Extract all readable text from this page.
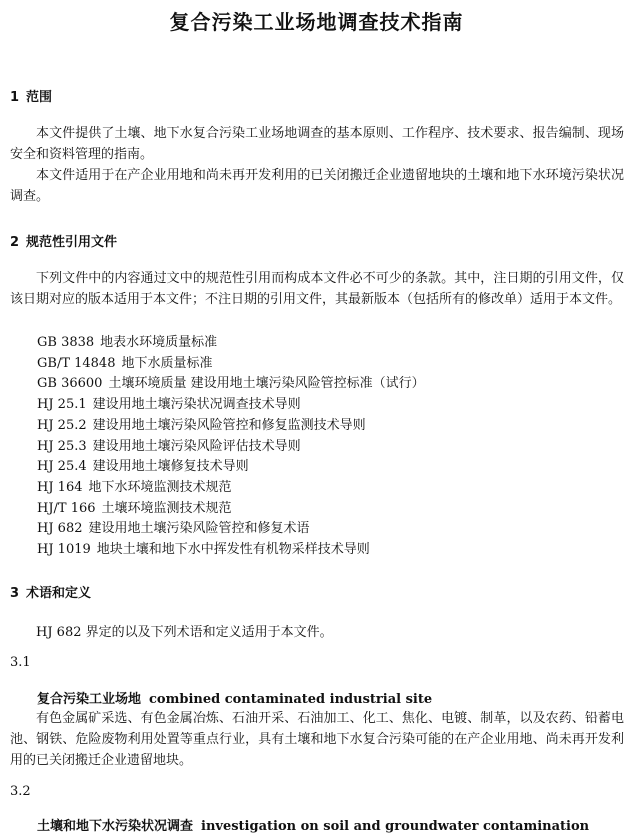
复合污染工业场地调查技术指南
1 范围
本文件提供了土壤、地下水复合污染工业场地调查的基本原则、工作程序、技术要求、报告编制、现场安全和资料管理的指南。
本文件适用于在产企业用地和尚未再开发利用的已关闭搬迁企业遗留地块的土壤和地下水环境污染状况调查。
2 规范性引用文件
下列文件中的内容通过文中的规范性引用而构成本文件必不可少的条款。其中，注日期的引用文件，仅该日期对应的版本适用于本文件；不注日期的引用文件，其最新版本（包括所有的修改单）适用于本文件。
GB 3838 地表水环境质量标准
GB/T 14848 地下水质量标准
GB 36600 土壤环境质量 建设用地土壤污染风险管控标准（试行）
HJ 25.1 建设用地土壤污染状况调查技术导则
HJ 25.2 建设用地土壤污染风险管控和修复监测技术导则
HJ 25.3 建设用地土壤污染风险评估技术导则
HJ 25.4 建设用地土壤修复技术导则
HJ 164 地下水环境监测技术规范
HJ/T 166 土壤环境监测技术规范
HJ 682 建设用地土壤污染风险管控和修复术语
HJ 1019 地块土壤和地下水中挥发性有机物采样技术导则
3 术语和定义
HJ 682 界定的以及下列术语和定义适用于本文件。
3.1
复合污染工业场地 combined contaminated industrial site
有色金属矿采选、有色金属冶炼、石油开采、石油加工、化工、焦化、电镀、制革，以及农药、铅蓄电池、钢铁、危险废物利用处置等重点行业，具有土壤和地下水复合污染可能的在产企业用地、尚未再开发利用的已关闭搬迁企业遗留地块。
3.2
土壤和地下水污染状况调查 investigation on soil and groundwater contamination
